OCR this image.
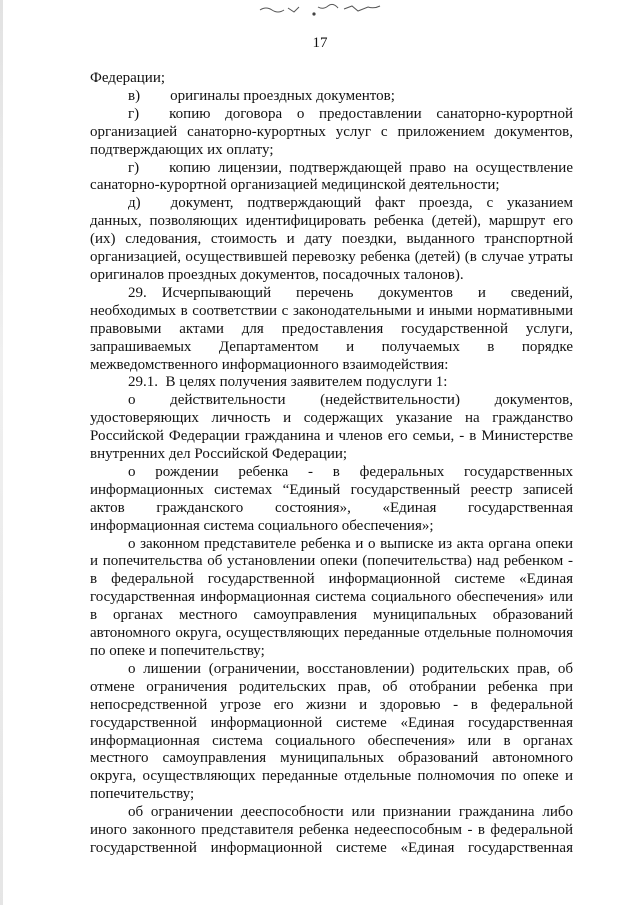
17

Федерации;

в)  оригиналы проездных документов;

г)  копию договора о предоставлении санаторно-курортной организацией санаторно-курортных услуг с приложением документов, подтверждающих их оплату;

г)  копию лицензии, подтверждающей право на осуществление санаторно-курортной организацией медицинской деятельности;

д)  документ, подтверждающий факт проезда, с указанием данных, позволяющих идентифицировать ребенка (детей), маршрут его (их) следования, стоимость и дату поездки, выданного транспортной организацией, осуществившей перевозку ребенка (детей) (в случае утраты оригиналов проездных документов, посадочных талонов).

29. Исчерпывающий перечень документов и сведений, необходимых в соответствии с законодательными и иными нормативными правовыми актами для предоставления государственной услуги, запрашиваемых Департаментом и получаемых в порядке межведомственного информационного взаимодействия:

29.1. В целях получения заявителем подуслуги 1:

о действительности (недействительности) документов, удостоверяющих личность и содержащих указание на гражданство Российской Федерации гражданина и членов его семьи, - в Министерстве внутренних дел Российской Федерации;

о рождении ребенка - в федеральных государственных информационных системах “Единый государственный реестр записей актов гражданского состояния», «Единая государственная информационная система социального обеспечения»;

о законном представителе ребенка и о выписке из акта органа опеки и попечительства об установлении опеки (попечительства) над ребенком - в федеральной государственной информационной системе «Единая государственная информационная система социального обеспечения» или в органах местного самоуправления муниципальных образований автономного округа, осуществляющих переданные отдельные полномочия по опеке и попечительству;

о лишении (ограничении, восстановлении) родительских прав, об отмене ограничения родительских прав, об отобрании ребенка при непосредственной угрозе его жизни и здоровью - в федеральной государственной информационной системе «Единая государственная информационная система социального обеспечения» или в органах местного самоуправления муниципальных образований автономного округа, осуществляющих переданные отдельные полномочия по опеке и попечительству;

об ограничении дееспособности или признании гражданина либо иного законного представителя ребенка недееспособным - в федеральной государственной информационной системе «Единая государственная
